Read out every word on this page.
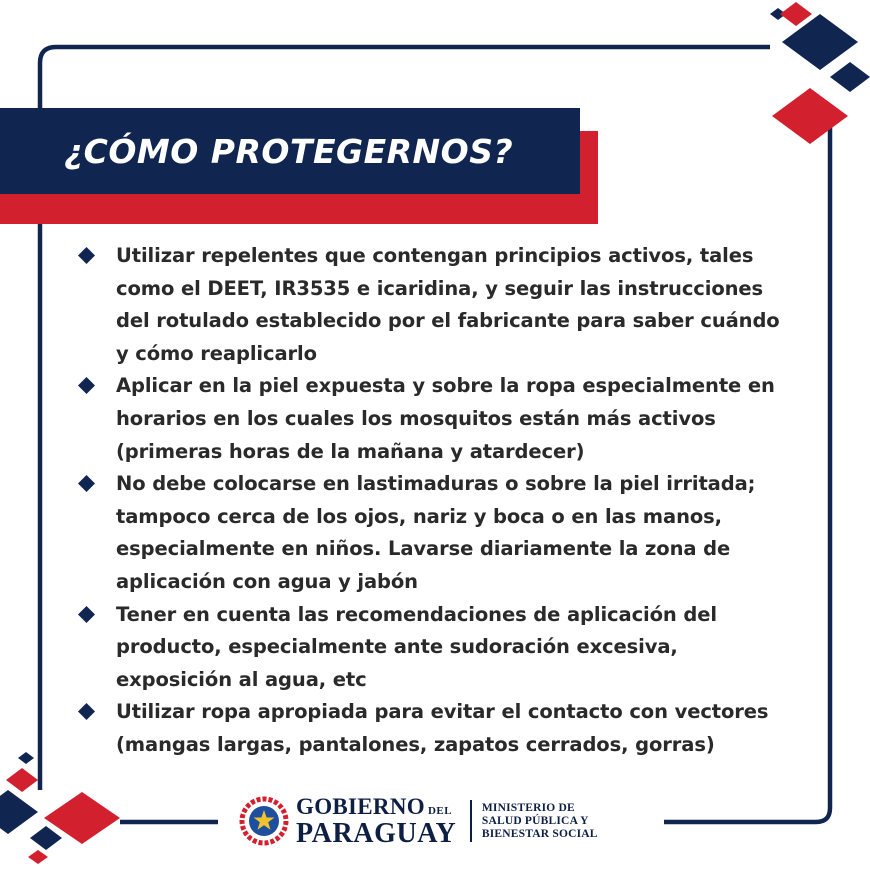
¿CÓMO PROTEGERNOS?
Utilizar repelentes que contengan principios activos, tales como el DEET, IR3535 e icaridina, y seguir las instrucciones del rotulado establecido por el fabricante para saber cuándo y cómo reaplicarlo
Aplicar en la piel expuesta y sobre la ropa especialmente en horarios en los cuales los mosquitos están más activos (primeras horas de la mañana y atardecer)
No debe colocarse en lastimaduras o sobre la piel irritada; tampoco cerca de los ojos, nariz y boca o en las manos, especialmente en niños. Lavarse diariamente la zona de aplicación con agua y jabón
Tener en cuenta las recomendaciones de aplicación del producto, especialmente ante sudoración excesiva, exposición al agua, etc
Utilizar ropa apropiada para evitar el contacto con vectores (mangas largas, pantalones, zapatos cerrados, gorras)
GOBIERNO DEL
PARAGUAY
MINISTERIO DE
SALUD PÚBLICA Y
BIENESTAR SOCIAL
